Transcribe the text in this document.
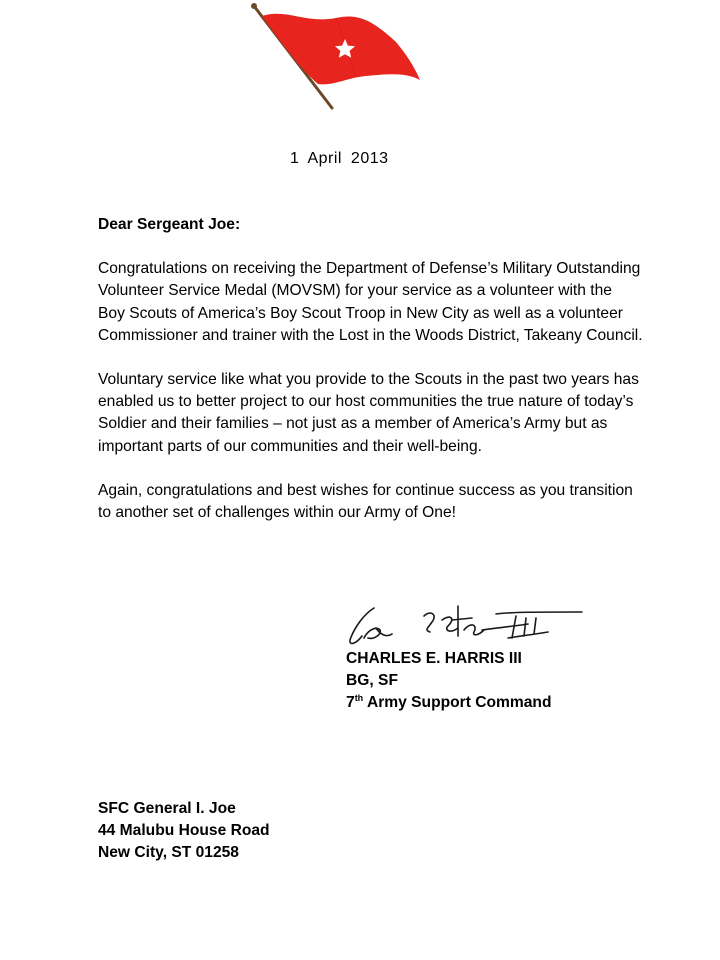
1 April 2013

Dear Sergeant Joe:

Congratulations on receiving the Department of Defense’s Military Outstanding Volunteer Service Medal (MOVSM) for your service as a volunteer with the Boy Scouts of America’s Boy Scout Troop in New City as well as a volunteer Commissioner and trainer with the Lost in the Woods District, Takeany Council.

Voluntary service like what you provide to the Scouts in the past two years has enabled us to better project to our host communities the true nature of today’s Soldier and their families – not just as a member of America’s Army but as important parts of our communities and their well-being.

Again, congratulations and best wishes for continue success as you transition to another set of challenges within our Army of One!

CHARLES E. HARRIS III
BG, SF
7th Army Support Command
SFC General I. Joe
44 Malubu House Road
New City, ST 01258
